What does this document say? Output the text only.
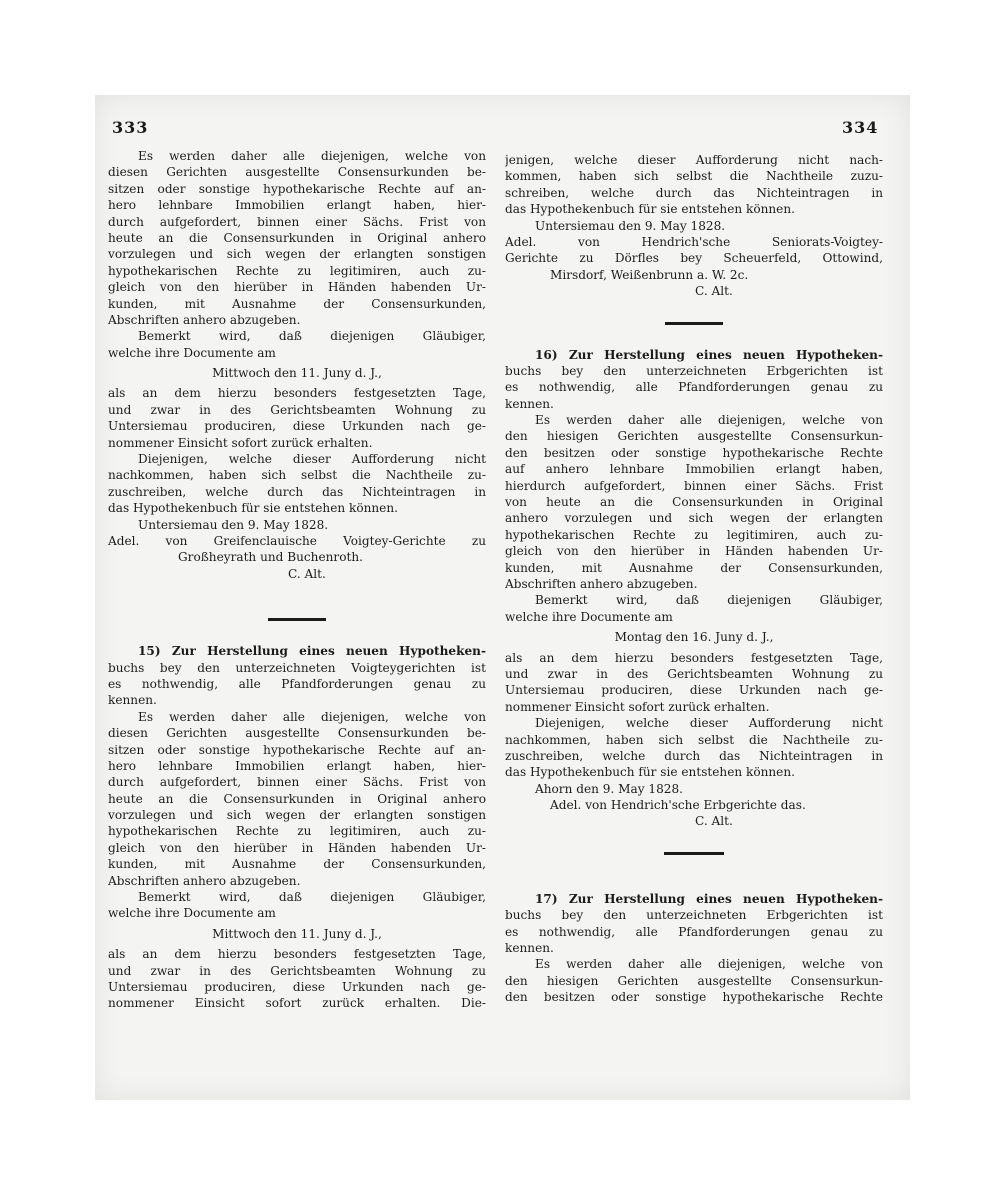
333	334
Es werden daher alle diejenigen, welche von
diesen Gerichten ausgestellte Consensurkunden be-
sitzen oder sonstige hypothekarische Rechte auf an-
hero lehnbare Immobilien erlangt haben, hier-
durch aufgefordert, binnen einer Sächs. Frist von
heute an die Consensurkunden in Original anhero
vorzulegen und sich wegen der erlangten sonstigen
hypothekarischen Rechte zu legitimiren, auch zu-
gleich von den hierüber in Händen habenden Ur-
kunden, mit Ausnahme der Consensurkunden,
Abschriften anhero abzugeben.
Bemerkt wird, daß diejenigen Gläubiger,
welche ihre Documente am
Mittwoch den 11. Juny d. J.,
als an dem hierzu besonders festgesetzten Tage,
und zwar in des Gerichtsbeamten Wohnung zu
Untersiemau produciren, diese Urkunden nach ge-
nommener Einsicht sofort zurück erhalten.
Diejenigen, welche dieser Aufforderung nicht
nachkommen, haben sich selbst die Nachtheile zu-
zuschreiben, welche durch das Nichteintragen in
das Hypothekenbuch für sie entstehen können.
Untersiemau den 9. May 1828.
Adel. von Greifenclauische Voigtey-Gerichte zu
Großheyrath und Buchenroth.
C. Alt.
15) Zur Herstellung eines neuen Hypotheken-
buchs bey den unterzeichneten Voigteygerichten ist
es nothwendig, alle Pfandforderungen genau zu
kennen.
Es werden daher alle diejenigen, welche von
diesen Gerichten ausgestellte Consensurkunden be-
sitzen oder sonstige hypothekarische Rechte auf an-
hero lehnbare Immobilien erlangt haben, hier-
durch aufgefordert, binnen einer Sächs. Frist von
heute an die Consensurkunden in Original anhero
vorzulegen und sich wegen der erlangten sonstigen
hypothekarischen Rechte zu legitimiren, auch zu-
gleich von den hierüber in Händen habenden Ur-
kunden, mit Ausnahme der Consensurkunden,
Abschriften anhero abzugeben.
Bemerkt wird, daß diejenigen Gläubiger,
welche ihre Documente am
Mittwoch den 11. Juny d. J.,
als an dem hierzu besonders festgesetzten Tage,
und zwar in des Gerichtsbeamten Wohnung zu
Untersiemau produciren, diese Urkunden nach ge-
nommener Einsicht sofort zurück erhalten. Die-
jenigen, welche dieser Aufforderung nicht nach-
kommen, haben sich selbst die Nachtheile zuzu-
schreiben, welche durch das Nichteintragen in
das Hypothekenbuch für sie entstehen können.
Untersiemau den 9. May 1828.
Adel. von Hendrich'sche Seniorats-Voigtey-
Gerichte zu Dörfles bey Scheuerfeld, Ottowind,
Mirsdorf, Weißenbrunn a. W. 2c.
C. Alt.
16) Zur Herstellung eines neuen Hypotheken-
buchs bey den unterzeichneten Erbgerichten ist
es nothwendig, alle Pfandforderungen genau zu
kennen.
Es werden daher alle diejenigen, welche von
den hiesigen Gerichten ausgestellte Consensurkun-
den besitzen oder sonstige hypothekarische Rechte
auf anhero lehnbare Immobilien erlangt haben,
hierdurch aufgefordert, binnen einer Sächs. Frist
von heute an die Consensurkunden in Original
anhero vorzulegen und sich wegen der erlangten
hypothekarischen Rechte zu legitimiren, auch zu-
gleich von den hierüber in Händen habenden Ur-
kunden, mit Ausnahme der Consensurkunden,
Abschriften anhero abzugeben.
Bemerkt wird, daß diejenigen Gläubiger,
welche ihre Documente am
Montag den 16. Juny d. J.,
als an dem hierzu besonders festgesetzten Tage,
und zwar in des Gerichtsbeamten Wohnung zu
Untersiemau produciren, diese Urkunden nach ge-
nommener Einsicht sofort zurück erhalten.
Diejenigen, welche dieser Aufforderung nicht
nachkommen, haben sich selbst die Nachtheile zu-
zuschreiben, welche durch das Nichteintragen in
das Hypothekenbuch für sie entstehen können.
Ahorn den 9. May 1828.
Adel. von Hendrich'sche Erbgerichte das.
C. Alt.
17) Zur Herstellung eines neuen Hypotheken-
buchs bey den unterzeichneten Erbgerichten ist
es nothwendig, alle Pfandforderungen genau zu
kennen.
Es werden daher alle diejenigen, welche von
den hiesigen Gerichten ausgestellte Consensurkun-
den besitzen oder sonstige hypothekarische Rechte
